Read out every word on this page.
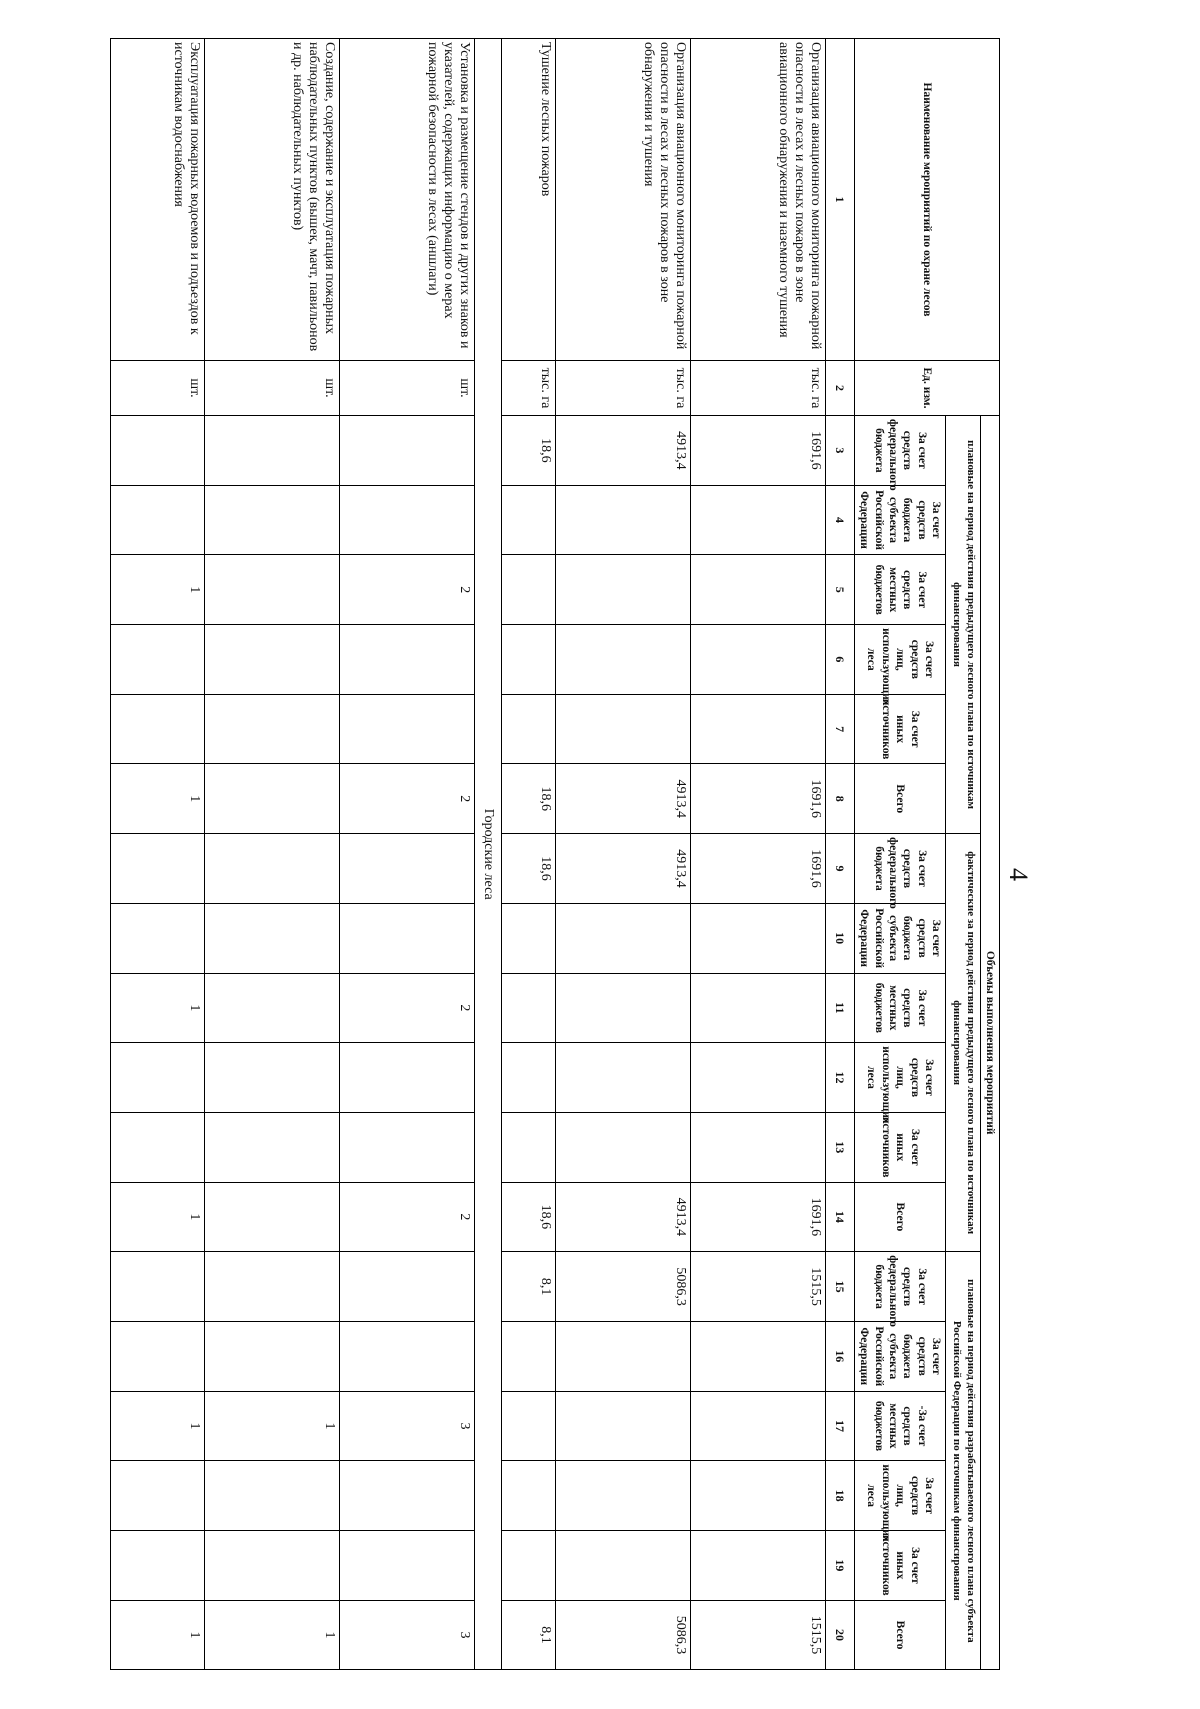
4
Наименование мероприятий по охране лесов	Ед. изм.	Объемы выполнения мероприятий																	
		плановые на период действия предыдущего лесного плана по источникам финансирования						фактические за период действия предыдущего лесного плана по источникам финансирования						плановые на период действия разрабатываемого лесного плана субъекта Российской Федерации по источникам финансирования					
		За счет средств федерального бюджета	За счет средств бюджета субъекта Российской Федерации	За счет средств местных бюджетов	За счет средств лиц, использующих леса	За счет иных источников	Всего	За счет средств федерального бюджета	За счет средств бюджета субъекта Российской Федерации	За счет средств местных бюджетов	За счет средств лиц, использующих леса	За счет иных источников	Всего	За счет средств федерального бюджета	За счет средств бюджета субъекта Российской Федерации	-За счет средств местных бюджетов	За счет средств лиц, использующих леса	За счет иных источников	Всего
1	2	3	4	5	6	7	8	9	10	11	12	13	14	15	16	17	18	19	20
Организация авиационного мониторинга пожарной опасности в лесах и лесных пожаров в зоне авиационного обнаружения и наземного тушения	тыс. га	1691,6					1691,6	1691,6					1691,6	1515,5					1515,5
Организация авиационного мониторинга пожарной опасности в лесах и лесных пожаров в зоне обнаружения и тушения	тыс. га	4913,4					4913,4	4913,4					4913,4	5086,3					5086,3
Тушение лесных пожаров	тыс. га	18,6					18,6	18,6					18,6	8,1					8,1
Городские леса																			
Установка и размещение стендов и других знаков и указателей, содержащих информацию о мерах пожарной безопасности в лесах (аншлаги)	шт.			2			2			2			2			3			3
Создание, содержание и эксплуатация пожарных наблюдательных пунктов (вышек, мачт, павильонов и др. наблюдательных пунктов)	шт.															1			1
Эксплуатация пожарных водоемов и подъездов к источникам водоснабжения	шт.			1			1			1			1			1			1
